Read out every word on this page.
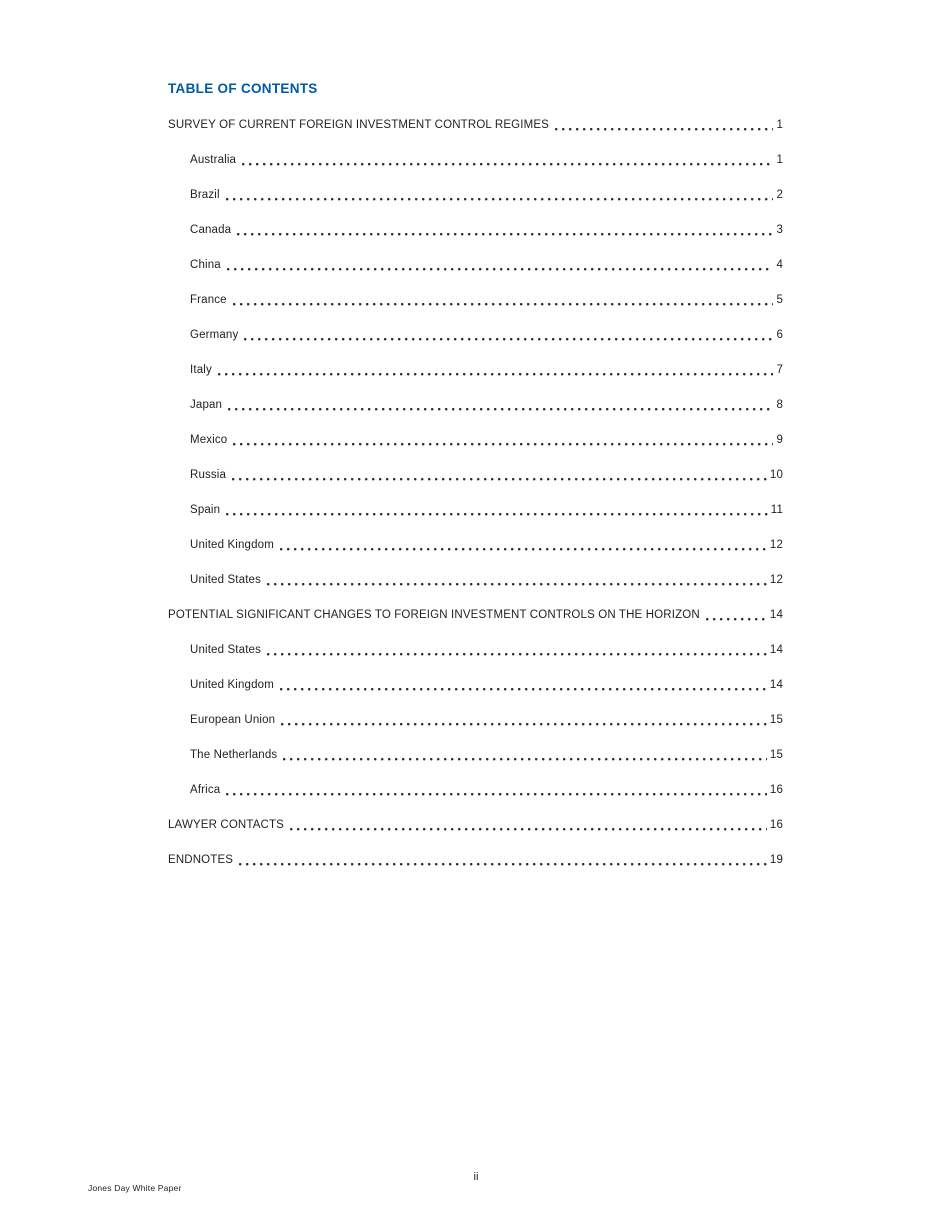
TABLE OF CONTENTS
SURVEY OF CURRENT FOREIGN INVESTMENT CONTROL REGIMES	1
Australia	1
Brazil	2
Canada	3
China	4
France	5
Germany	6
Italy	7
Japan	8
Mexico	9
Russia	10
Spain	11
United Kingdom	12
United States	12
POTENTIAL SIGNIFICANT CHANGES TO FOREIGN INVESTMENT CONTROLS ON THE HORIZON	14
United States	14
United Kingdom	14
European Union	15
The Netherlands	15
Africa	16
LAWYER CONTACTS	16
ENDNOTES	19
Jones Day White Paper
ii
